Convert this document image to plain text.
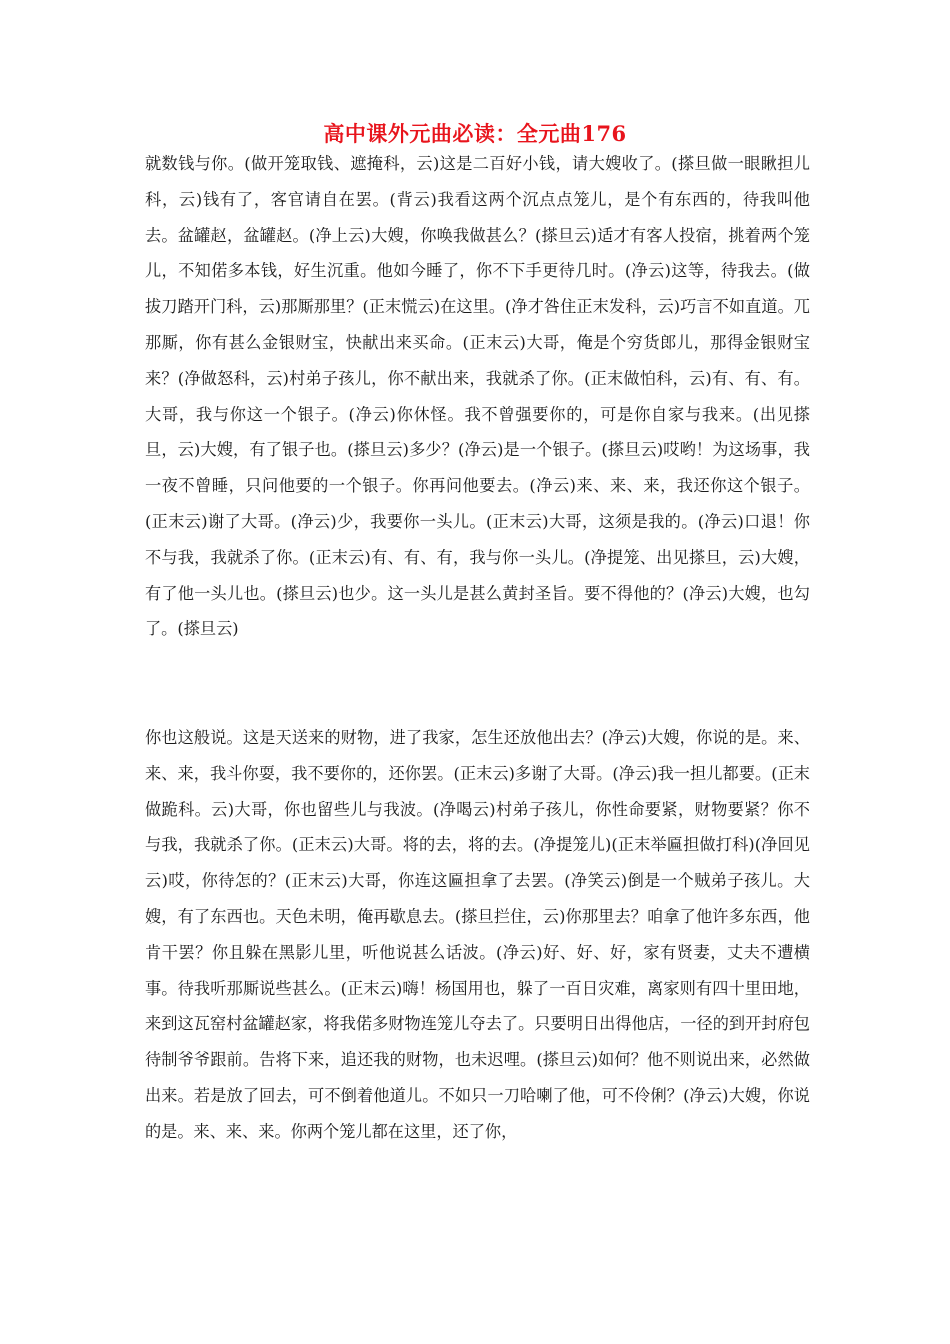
高中课外元曲必读：全元曲176

就数钱与你。(做开笼取钱、遮掩科，云)这是二百好小钱，请大嫂收了。(搽旦做一眼瞅担儿科，云)钱有了，客官请自在罢。(背云)我看这两个沉点点笼儿，是个有东西的，待我叫他去。盆罐赵，盆罐赵。(净上云)大嫂，你唤我做甚么？(搽旦云)适才有客人投宿，挑着两个笼儿，不知偌多本钱，好生沉重。他如今睡了，你不下手更待几时。(净云)这等，待我去。(做拔刀踏开门科，云)那厮那里？(正末慌云)在这里。(净才咎住正末发科，云)巧言不如直道。兀那厮，你有甚么金银财宝，快献出来买命。(正末云)大哥，俺是个穷货郎儿，那得金银财宝来？(净做怒科，云)村弟子孩儿，你不献出来，我就杀了你。(正末做怕科，云)有、有、有。大哥，我与你这一个银子。(净云)你休怪。我不曾强要你的，可是你自家与我来。(出见搽旦，云)大嫂，有了银子也。(搽旦云)多少？(净云)是一个银子。(搽旦云)哎哟！为这场事，我一夜不曾睡，只问他要的一个银子。你再问他要去。(净云)来、来、来，我还你这个银子。(正末云)谢了大哥。(净云)少，我要你一头儿。(正末云)大哥，这须是我的。(净云)口退！你不与我，我就杀了你。(正末云)有、有、有，我与你一头儿。(净提笼、出见搽旦，云)大嫂，有了他一头儿也。(搽旦云)也少。这一头儿是甚么黄封圣旨。要不得他的？(净云)大嫂，也勾了。(搽旦云)

你也这般说。这是天送来的财物，进了我家，怎生还放他出去？(净云)大嫂，你说的是。来、来、来，我斗你耍，我不要你的，还你罢。(正末云)多谢了大哥。(净云)我一担儿都要。(正末做跪科。云)大哥，你也留些儿与我波。(净喝云)村弟子孩儿，你性命要紧，财物要紧？你不与我，我就杀了你。(正末云)大哥。将的去，将的去。(净提笼儿)(正末举匾担做打科)(净回见云)哎，你待怎的？(正末云)大哥，你连这匾担拿了去罢。(净笑云)倒是一个贼弟子孩儿。大嫂，有了东西也。天色未明，俺再歇息去。(搽旦拦住，云)你那里去？咱拿了他许多东西，他肯干罢？你且躲在黑影儿里，听他说甚么话波。(净云)好、好、好，家有贤妻，丈夫不遭横事。待我听那厮说些甚么。(正末云)嗨！杨国用也，躲了一百日灾难，离家则有四十里田地，来到这瓦窑村盆罐赵家，将我偌多财物连笼儿夺去了。只要明日出得他店，一径的到开封府包待制爷爷跟前。告将下来，追还我的财物，也未迟哩。(搽旦云)如何？他不则说出来，必然做出来。若是放了回去，可不倒着他道儿。不如只一刀哈喇了他，可不伶俐？(净云)大嫂，你说的是。来、来、来。你两个笼儿都在这里，还了你，
